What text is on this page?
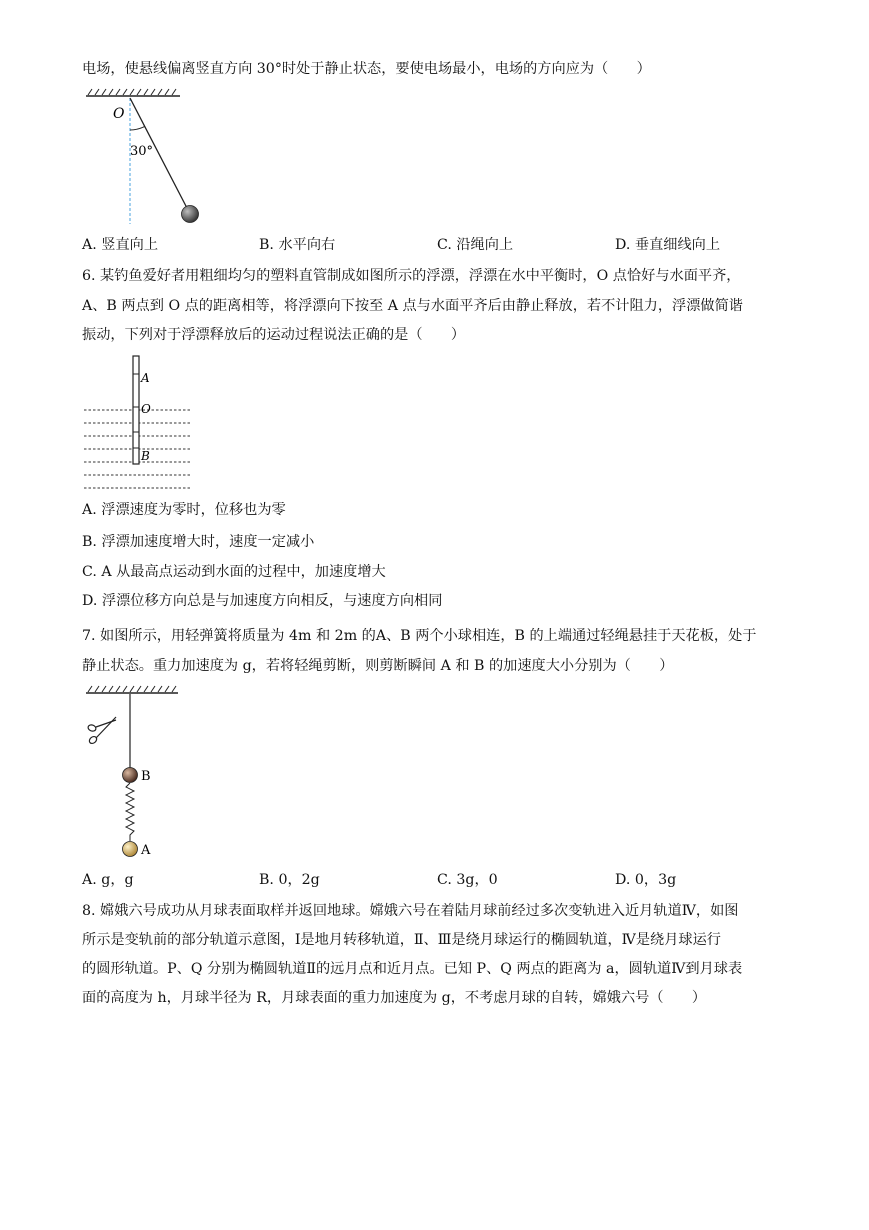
电场，使悬线偏离竖直方向 30°时处于静止状态，要使电场最小，电场的方向应为（　　）
O
30°
A. 竖直向上	B. 水平向右	C. 沿绳向上	D. 垂直细线向上
6. 某钓鱼爱好者用粗细均匀的塑料直管制成如图所示的浮漂，浮漂在水中平衡时，O 点恰好与水面平齐，
A、B 两点到 O 点的距离相等，将浮漂向下按至 A 点与水面平齐后由静止释放，若不计阻力，浮漂做简谐
振动，下列对于浮漂释放后的运动过程说法正确的是（　　）
A
O
B
A. 浮漂速度为零时，位移也为零
B. 浮漂加速度增大时，速度一定减小
C. A 从最高点运动到水面的过程中，加速度增大
D. 浮漂位移方向总是与加速度方向相反，与速度方向相同
7. 如图所示，用轻弹簧将质量为 4m 和 2m 的A、B 两个小球相连，B 的上端通过轻绳悬挂于天花板，处于
静止状态。重力加速度为 g，若将轻绳剪断，则剪断瞬间 A 和 B 的加速度大小分别为（　　）
B
A
A. g，g	B. 0，2g	C. 3g，0	D. 0，3g
8. 嫦娥六号成功从月球表面取样并返回地球。嫦娥六号在着陆月球前经过多次变轨进入近月轨道Ⅳ，如图
所示是变轨前的部分轨道示意图，Ⅰ是地月转移轨道，Ⅱ、Ⅲ是绕月球运行的椭圆轨道，Ⅳ是绕月球运行
的圆形轨道。P、Q 分别为椭圆轨道Ⅱ的远月点和近月点。已知 P、Q 两点的距离为 a，圆轨道Ⅳ到月球表
面的高度为 h，月球半径为 R，月球表面的重力加速度为 g，不考虑月球的自转，嫦娥六号（　　）
